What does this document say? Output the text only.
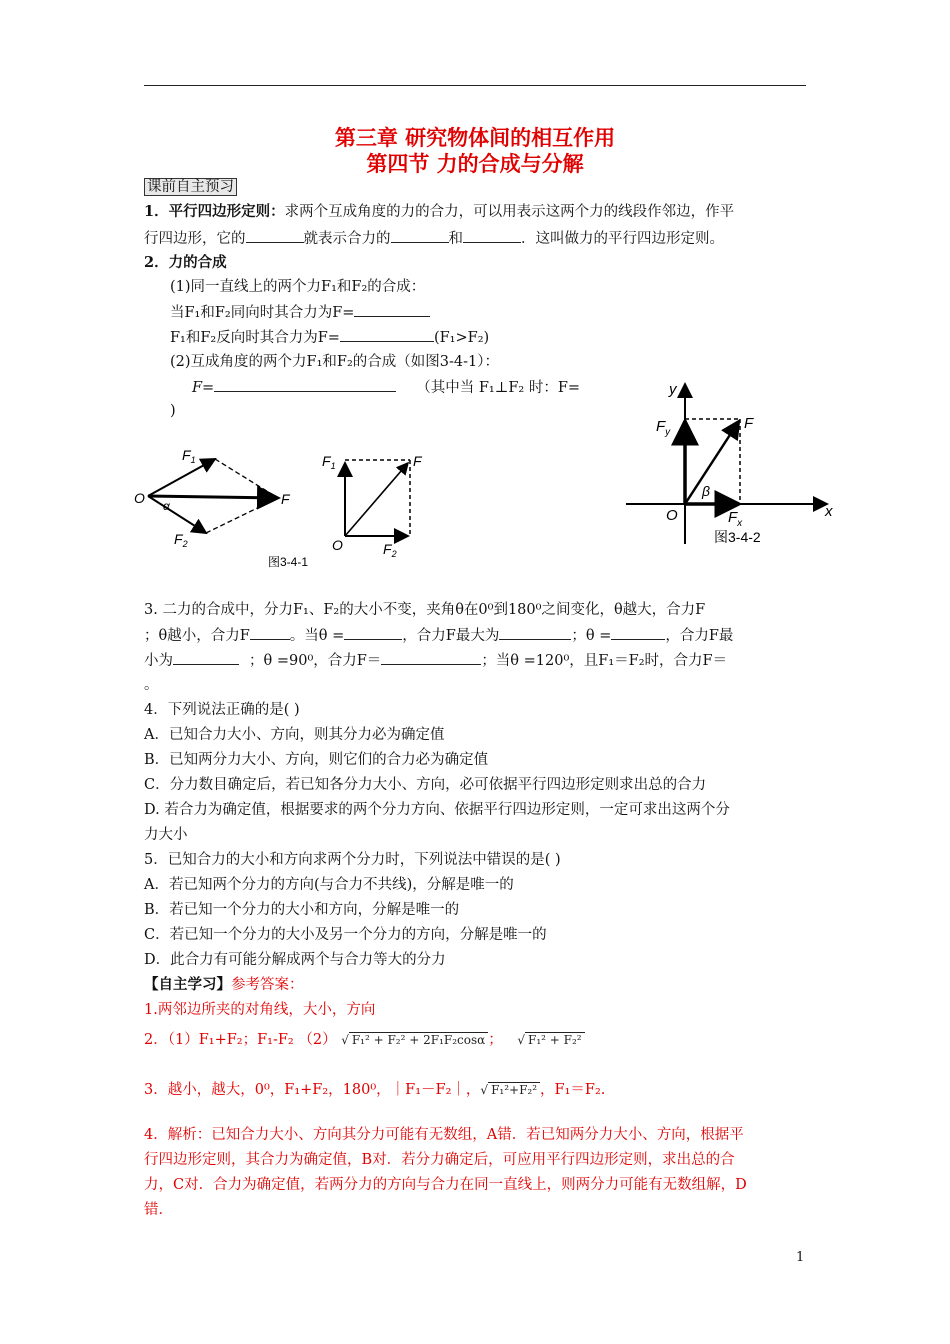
第三章 研究物体间的相互作用
第四节 力的合成与分解
课前自主预习
1．平行四边形定则：求两个互成角度的力的合力，可以用表示这两个力的线段作邻边，作平
行四边形，它的	就表示合力的	和	．这叫做力的平行四边形定则。
2．力的合成
(1)同一直线上的两个力F₁和F₂的合成：
当F₁和F₂同向时其合力为F=
F₁和F₂反向时其合力为F=	(F₁>F₂)
(2)互成角度的两个力F₁和F₂的合成（如图3-4-1）：
F=	（其中当 F₁⊥F₂ 时：F=
)
$F_1$
$F_2$
F
O α
图3-4-1
$F_1$	F
$F_2$
O
y
x
$F_y$
F
$F_x$
O
β
图3-4-2
3. 二力的合成中，分力F₁、F₂的大小不变，夹角θ在0⁰到180⁰之间变化，θ越大，合力F
；θ越小，合力F	。当θ =	，合力F最大为	；θ =	，合力F最
小为	；θ =90⁰，合力F＝	；当θ =120⁰，且F₁＝F₂时，合力F＝
。
4．下列说法正确的是( )
A．已知合力大小、方向，则其分力必为确定值
B．已知两分力大小、方向，则它们的合力必为确定值
C．分力数目确定后，若已知各分力大小、方向，必可依据平行四边形定则求出总的合力
D. 若合力为确定值，根据要求的两个分力方向、依据平行四边形定则，一定可求出这两个分
力大小
5．已知合力的大小和方向求两个分力时，下列说法中错误的是( )
A．若已知两个分力的方向(与合力不共线)，分解是唯一的
B．若已知一个分力的大小和方向，分解是唯一的
C．若已知一个分力的大小及另一个分力的方向，分解是唯一的
D．此合力有可能分解成两个与合力等大的分力
【自主学习】参考答案：
1.两邻边所夹的对角线，大小，方向
2．（1）F₁+F₂；F₁-F₂ （2） √ F₁² + F₂² + 2F₁F₂cosα ； √ F₁² + F₂²
3．越小，越大，0⁰，F₁+F₂，180⁰，｜F₁－F₂｜，√ F₁²+F₂² ，F₁＝F₂.
4．解析：已知合力大小、方向其分力可能有无数组，A错．若已知两分力大小、方向，根据平
行四边形定则，其合力为确定值，B对．若分力确定后，可应用平行四边形定则，求出总的合
力，C对．合力为确定值，若两分力的方向与合力在同一直线上，则两分力可能有无数组解，D
错．
1
